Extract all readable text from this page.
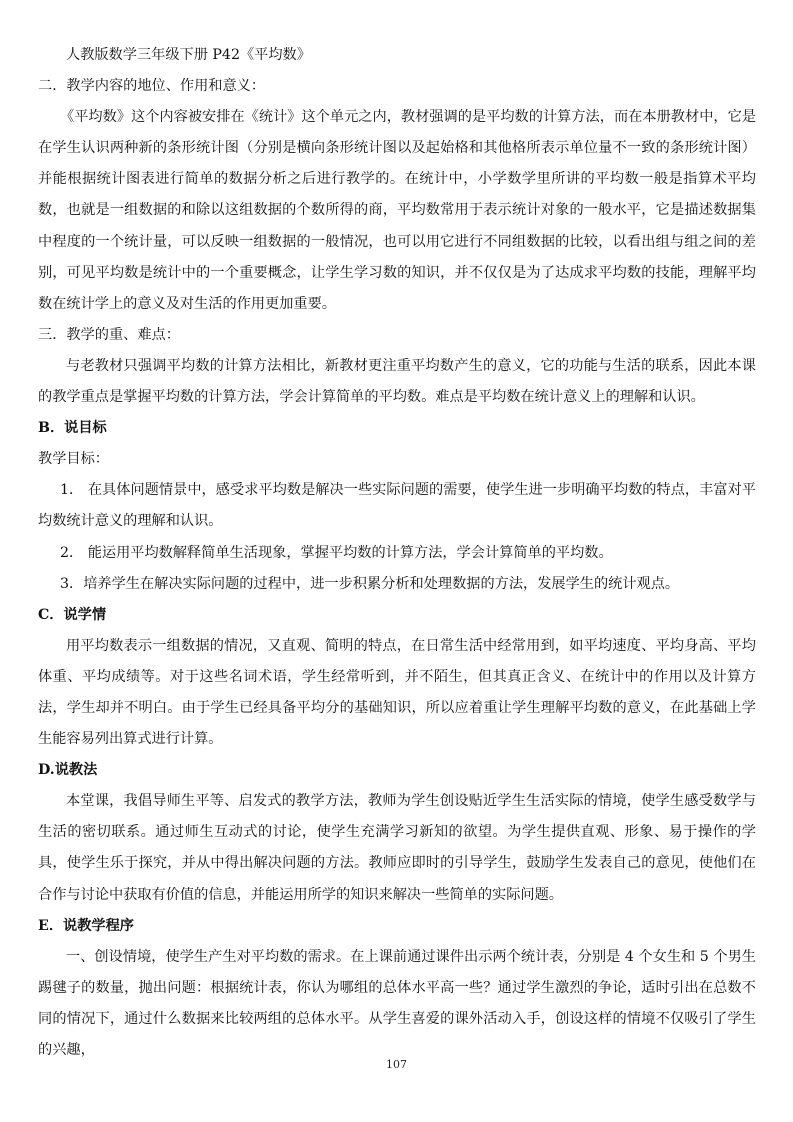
人教版数学三年级下册 P42《平均数》
二．教学内容的地位、作用和意义：
《平均数》这个内容被安排在《统计》这个单元之内，教材强调的是平均数的计算方法，而在本册教材中，它是在学生认识两种新的条形统计图（分别是横向条形统计图以及起始格和其他格所表示单位量不一致的条形统计图）并能根据统计图表进行简单的数据分析之后进行教学的。在统计中，小学数学里所讲的平均数一般是指算术平均数，也就是一组数据的和除以这组数据的个数所得的商，平均数常用于表示统计对象的一般水平，它是描述数据集中程度的一个统计量，可以反映一组数据的一般情况，也可以用它进行不同组数据的比较，以看出组与组之间的差别，可见平均数是统计中的一个重要概念，让学生学习数的知识，并不仅仅是为了达成求平均数的技能，理解平均数在统计学上的意义及对生活的作用更加重要。
三．教学的重、难点：
与老教材只强调平均数的计算方法相比，新教材更注重平均数产生的意义，它的功能与生活的联系，因此本课的教学重点是掌握平均数的计算方法，学会计算简单的平均数。难点是平均数在统计意义上的理解和认识。
B．说目标
教学目标：
1． 在具体问题情景中，感受求平均数是解决一些实际问题的需要，使学生进一步明确平均数的特点，丰富对平均数统计意义的理解和认识。
2． 能运用平均数解释简单生活现象，掌握平均数的计算方法，学会计算简单的平均数。
3．培养学生在解决实际问题的过程中，进一步积累分析和处理数据的方法，发展学生的统计观点。
C．说学情
用平均数表示一组数据的情况，又直观、简明的特点，在日常生活中经常用到，如平均速度、平均身高、平均体重、平均成绩等。对于这些名词术语，学生经常听到，并不陌生，但其真正含义、在统计中的作用以及计算方法，学生却并不明白。由于学生已经具备平均分的基础知识，所以应着重让学生理解平均数的意义，在此基础上学生能容易列出算式进行计算。
D.说教法
本堂课，我倡导师生平等、启发式的教学方法，教师为学生创设贴近学生生活实际的情境，使学生感受数学与生活的密切联系。通过师生互动式的讨论，使学生充满学习新知的欲望。为学生提供直观、形象、易于操作的学具，使学生乐于探究，并从中得出解决问题的方法。教师应即时的引导学生，鼓励学生发表自己的意见，使他们在合作与讨论中获取有价值的信息，并能运用所学的知识来解决一些简单的实际问题。
E．说教学程序
一、创设情境，使学生产生对平均数的需求。在上课前通过课件出示两个统计表，分别是 4 个女生和 5 个男生踢毽子的数量，抛出问题：根据统计表，你认为哪组的总体水平高一些？通过学生激烈的争论，适时引出在总数不同的情况下，通过什么数据来比较两组的总体水平。从学生喜爱的课外活动入手，创设这样的情境不仅吸引了学生的兴趣，
107
